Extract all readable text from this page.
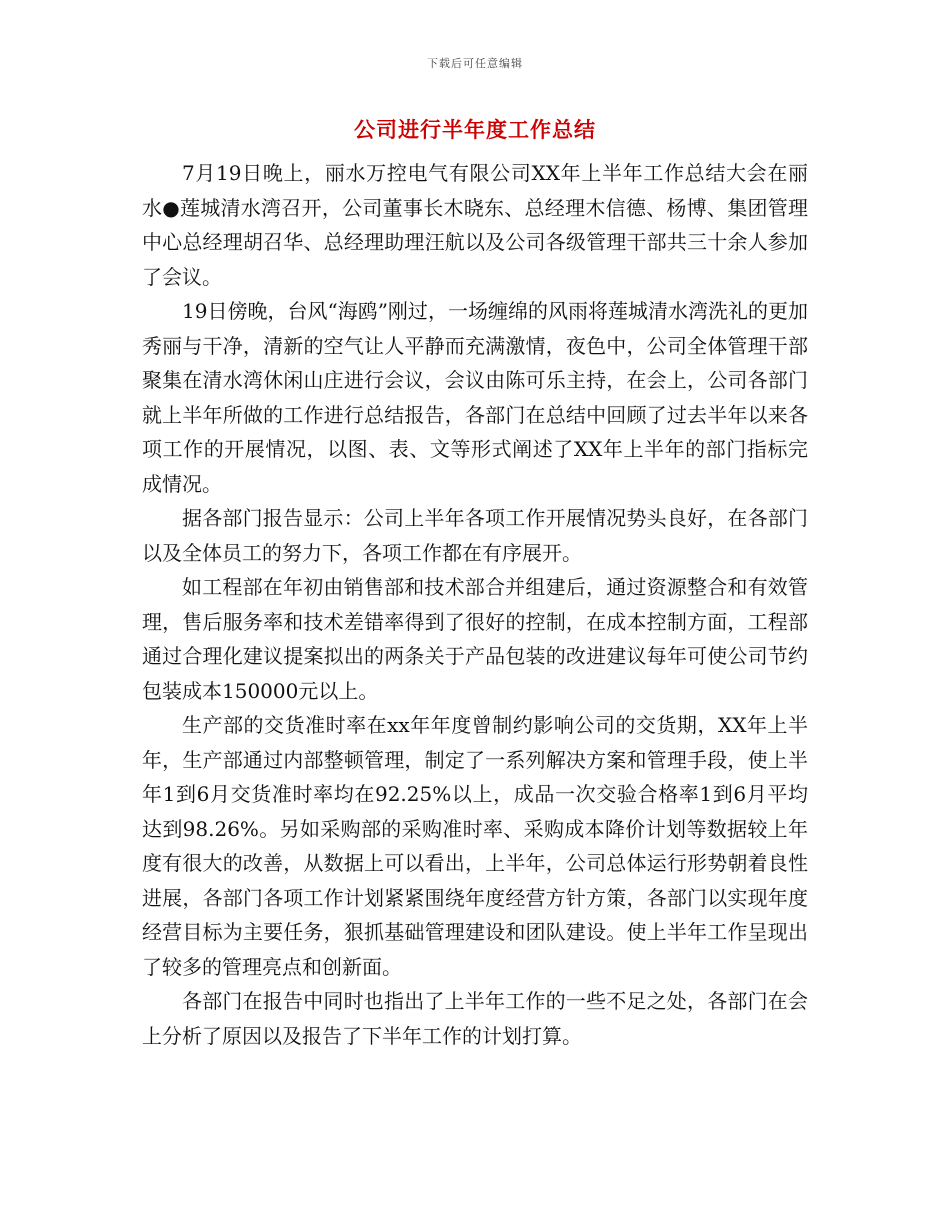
下载后可任意编辑
公司进行半年度工作总结

7月19日晚上，丽水万控电气有限公司XX年上半年工作总结大会在丽水●莲城清水湾召开，公司董事长木晓东、总经理木信德、杨博、集团管理中心总经理胡召华、总经理助理汪航以及公司各级管理干部共三十余人参加了会议。

19日傍晚，台风“海鸥”刚过，一场缠绵的风雨将莲城清水湾洗礼的更加秀丽与干净，清新的空气让人平静而充满激情，夜色中，公司全体管理干部聚集在清水湾休闲山庄进行会议，会议由陈可乐主持，在会上，公司各部门就上半年所做的工作进行总结报告，各部门在总结中回顾了过去半年以来各项工作的开展情况，以图、表、文等形式阐述了XX年上半年的部门指标完成情况。

据各部门报告显示：公司上半年各项工作开展情况势头良好，在各部门以及全体员工的努力下，各项工作都在有序展开。

如工程部在年初由销售部和技术部合并组建后，通过资源整合和有效管理，售后服务率和技术差错率得到了很好的控制，在成本控制方面，工程部通过合理化建议提案拟出的两条关于产品包装的改进建议每年可使公司节约包装成本150000元以上。

生产部的交货准时率在xx年年度曾制约影响公司的交货期，XX年上半年，生产部通过内部整顿管理，制定了一系列解决方案和管理手段，使上半年1到6月交货准时率均在92.25%以上，成品一次交验合格率1到6月平均达到98.26%。另如采购部的采购准时率、采购成本降价计划等数据较上年度有很大的改善，从数据上可以看出，上半年，公司总体运行形势朝着良性进展，各部门各项工作计划紧紧围绕年度经营方针方策，各部门以实现年度经营目标为主要任务，狠抓基础管理建设和团队建设。使上半年工作呈现出了较多的管理亮点和创新面。

各部门在报告中同时也指出了上半年工作的一些不足之处，各部门在会上分析了原因以及报告了下半年工作的计划打算。
